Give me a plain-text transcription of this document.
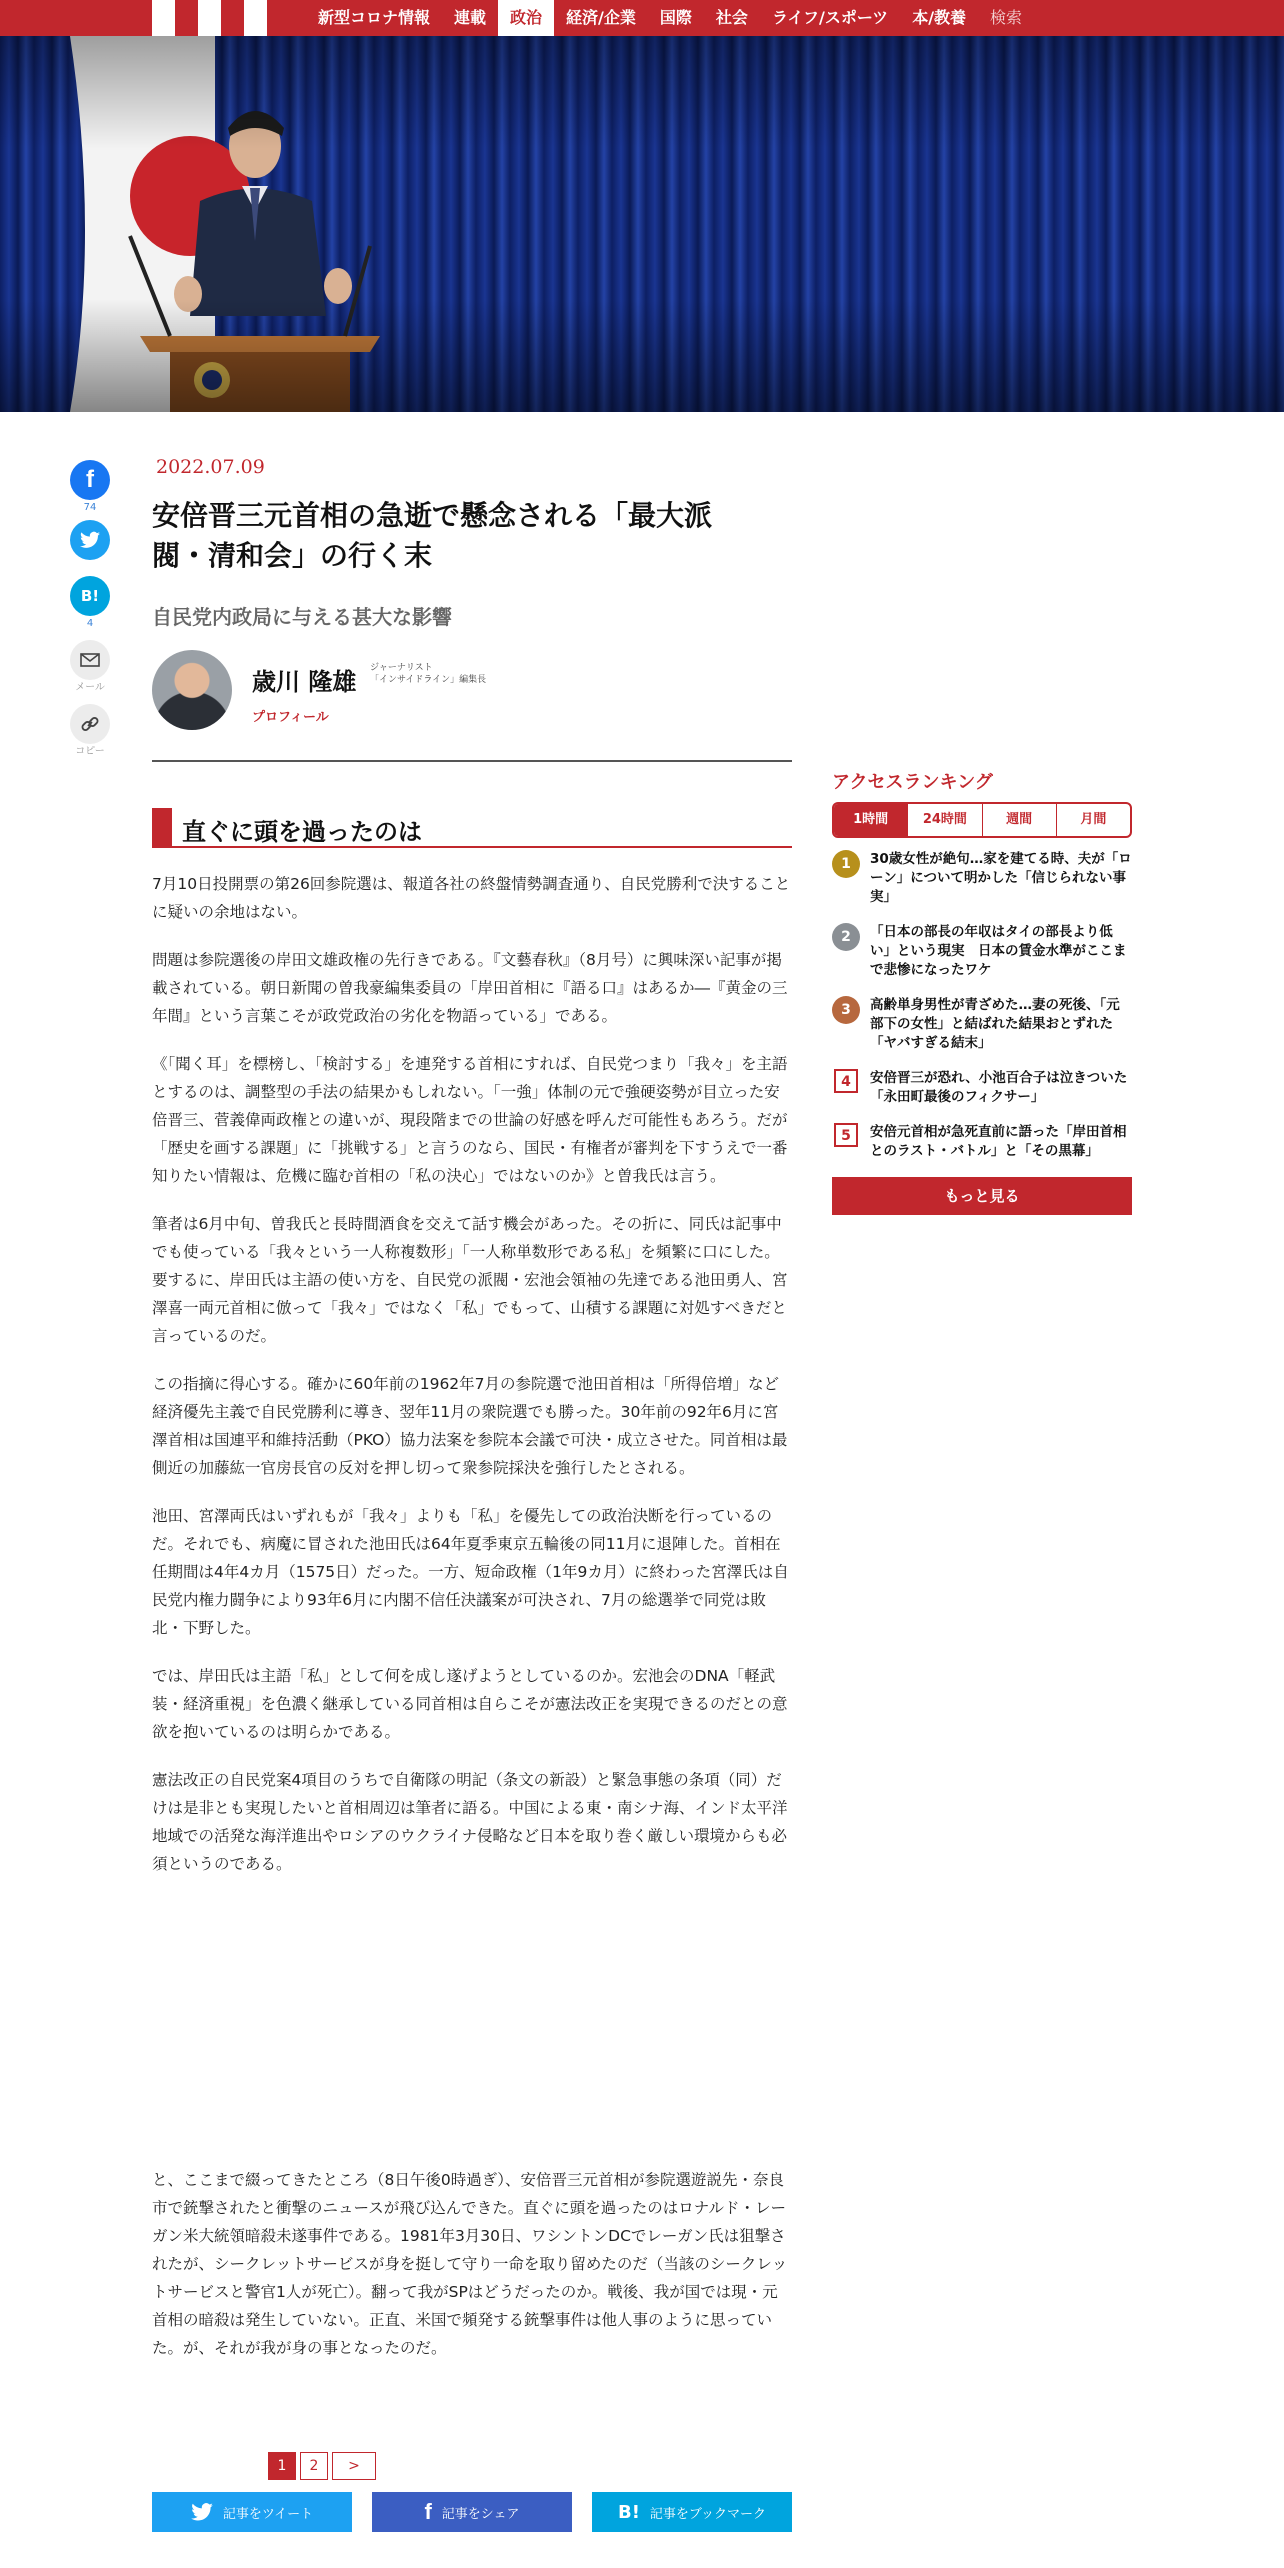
新型コロナ情報	連載	政治	経済/企業	国際	社会	ライフ/スポーツ	本/教養	検索
f
74
B!
4
メール
コピー
2022.07.09
安倍晋三元首相の急逝で懸念される「最大派閥・清和会」の行く末
自民党内政局に与える甚大な影響
歳川 隆雄 ジャーナリスト
「インサイドライン」編集長
プロフィール
直ぐに頭を過ったのは

7月10日投開票の第26回参院選は、報道各社の終盤情勢調査通り、自民党勝利で決することに疑いの余地はない。

問題は参院選後の岸田文雄政権の先行きである。『文藝春秋』（8月号）に興味深い記事が掲載されている。朝日新聞の曽我豪編集委員の「岸田首相に『語る口』はあるか―『黄金の三年間』という言葉こそが政党政治の劣化を物語っている」である。

《「聞く耳」を標榜し、「検討する」を連発する首相にすれば、自民党つまり「我々」を主語とするのは、調整型の手法の結果かもしれない。「一強」体制の元で強硬姿勢が目立った安倍晋三、菅義偉両政権との違いが、現段階までの世論の好感を呼んだ可能性もあろう。だが「歴史を画する課題」に「挑戦する」と言うのなら、国民・有権者が審判を下すうえで一番知りたい情報は、危機に臨む首相の「私の決心」ではないのか》と曽我氏は言う。

筆者は6月中旬、曽我氏と長時間酒食を交えて話す機会があった。その折に、同氏は記事中でも使っている「我々という一人称複数形」「一人称単数形である私」を頻繁に口にした。要するに、岸田氏は主語の使い方を、自民党の派閥・宏池会領袖の先達である池田勇人、宮澤喜一両元首相に倣って「我々」ではなく「私」でもって、山積する課題に対処すべきだと言っているのだ。

この指摘に得心する。確かに60年前の1962年7月の参院選で池田首相は「所得倍増」など経済優先主義で自民党勝利に導き、翌年11月の衆院選でも勝った。30年前の92年6月に宮澤首相は国連平和維持活動（PKO）協力法案を参院本会議で可決・成立させた。同首相は最側近の加藤紘一官房長官の反対を押し切って衆参院採決を強行したとされる。

池田、宮澤両氏はいずれもが「我々」よりも「私」を優先しての政治決断を行っているのだ。それでも、病魔に冒された池田氏は64年夏季東京五輪後の同11月に退陣した。首相在任期間は4年4カ月（1575日）だった。一方、短命政権（1年9カ月）に終わった宮澤氏は自民党内権力闘争により93年6月に内閣不信任決議案が可決され、7月の総選挙で同党は敗北・下野した。

では、岸田氏は主語「私」として何を成し遂げようとしているのか。宏池会のDNA「軽武装・経済重視」を色濃く継承している同首相は自らこそが憲法改正を実現できるのだとの意欲を抱いているのは明らかである。

憲法改正の自民党案4項目のうちで自衛隊の明記（条文の新設）と緊急事態の条項（同）だけは是非とも実現したいと首相周辺は筆者に語る。中国による東・南シナ海、インド太平洋地域での活発な海洋進出やロシアのウクライナ侵略など日本を取り巻く厳しい環境からも必須というのである。

と、ここまで綴ってきたところ（8日午後0時過ぎ）、安倍晋三元首相が参院選遊説先・奈良市で銃撃されたと衝撃のニュースが飛び込んできた。直ぐに頭を過ったのはロナルド・レーガン米大統領暗殺未遂事件である。1981年3月30日、ワシントンDCでレーガン氏は狙撃されたが、シークレットサービスが身を挺して守り一命を取り留めたのだ（当該のシークレットサービスと警官1人が死亡）。翻って我がSPはどうだったのか。戦後、我が国では現・元首相の暗殺は発生していない。正直、米国で頻発する銃撃事件は他人事のように思っていた。が、それが我が身の事となったのだ。

1	2	>
記事をツイート	f 記事をシェア	B! 記事をブックマーク
アクセスランキング
1時間	24時間	週間	月間
1	30歳女性が絶句…家を建てる時、夫が「ローン」について明かした「信じられない事実」
2	「日本の部長の年収はタイの部長より低い」という現実　日本の賃金水準がここまで悲惨になったワケ
3	高齢単身男性が青ざめた…妻の死後、「元部下の女性」と結ばれた結果おとずれた「ヤバすぎる結末」
4	安倍晋三が恐れ、小池百合子は泣きついた「永田町最後のフィクサー」
5	安倍元首相が急死直前に語った「岸田首相とのラスト・バトル」と「その黒幕」
もっと見る
